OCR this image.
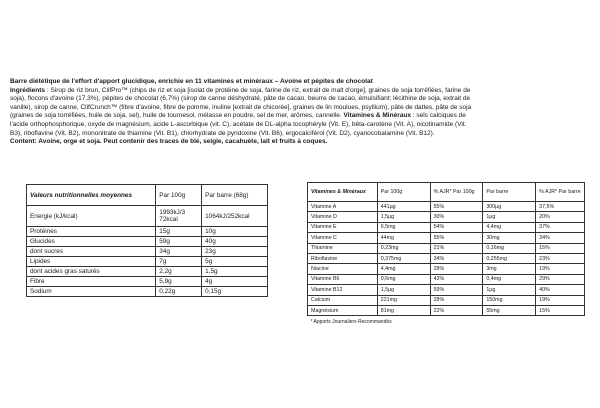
Barre diététique de l'effort d'apport glucidique, enrichie en 11 vitamines et minéraux – Avoine et pépites de chocolat
Ingrédients : Sirop de riz brun, ClifPro™ (chips de riz et soja [isolat de protéine de soja, farine de riz, extrait de malt d'orge], graines de soja torréfiées, farine de
soja), flocons d'avoine (17,3%), pépites de chocolat (6,7%) (sirop de canne déshydraté, pâte de cacao, beurre de cacao, émulsifiant: lécithine de soja, extrait de
vanille), sirop de canne, ClifCrunch™ (fibre d'avoine, fibre de pomme, inuline [extrait de chicorée], graines de lin moulues, psyllium), pâte de dattes, pâte de soja
(graines de soja torréfiées, huile de soja, sel), huile de tournesol, mélasse en poudre, sel de mer, arômes, cannelle. Vitamines & Minéraux : sels calciques de
l'acide orthophosphorique, oxyde de magnésium, acide L-ascorbique (vit. C), acétate de DL-alpha tocophéryle (Vit. E), bêta-carotène (Vit. A), nicotinamide (Vit.
B3), riboflavine (Vit. B2), mononitrate de thiamine (Vit. B1), chlorhydrate de pyridoxine (Vit. B6), ergocalciférol (Vit. D2), cyanocobalamine (Vit. B12).
Content: Avoine, orge et soja. Peut contenir des traces de blé, seigle, cacahuète, lait et fruits à coques.
Valeurs nutritionnelles moyennes	Par 100g	Par barre (68g)
Energie (kJ/kcal)	1993kJ/3 72kcal	1064kJ/252kcal
Protéines	15g	10g
Glucides	59g	40g
dont sucres	34g	23g
Lipides	7g	5g
dont acides gras saturés	2,2g	1,5g
Fibre	5,9g	4g
Sodium	0,22g	0,15g
Vitamines & Minéraux	Par 100g	% AJR* Par 100g	Par barre	% AJR* Par barre
Vitamine A	441µg	55%	300µg	37,5%
Vitamine D	1,5µg	30%	1µg	20%
Vitamine E	6,5mg	54%	4,4mg	37%
Vitamine C	44mg	55%	30mg	34%
Thiamine	0,23mg	21%	0,16mg	15%
Riboflavine	0,375mg	34%	0,255mg	23%
Niacine	4,4mg	28%	3mg	19%
Vitamine B6	0,6mg	43%	0,4mg	29%
Vitamine B12	1,5µg	59%	1µg	40%
Calcium	221mg	28%	150mg	19%
Magnésium	81mg	22%	55mg	15%
* Apports Journaliers Recommandés				
